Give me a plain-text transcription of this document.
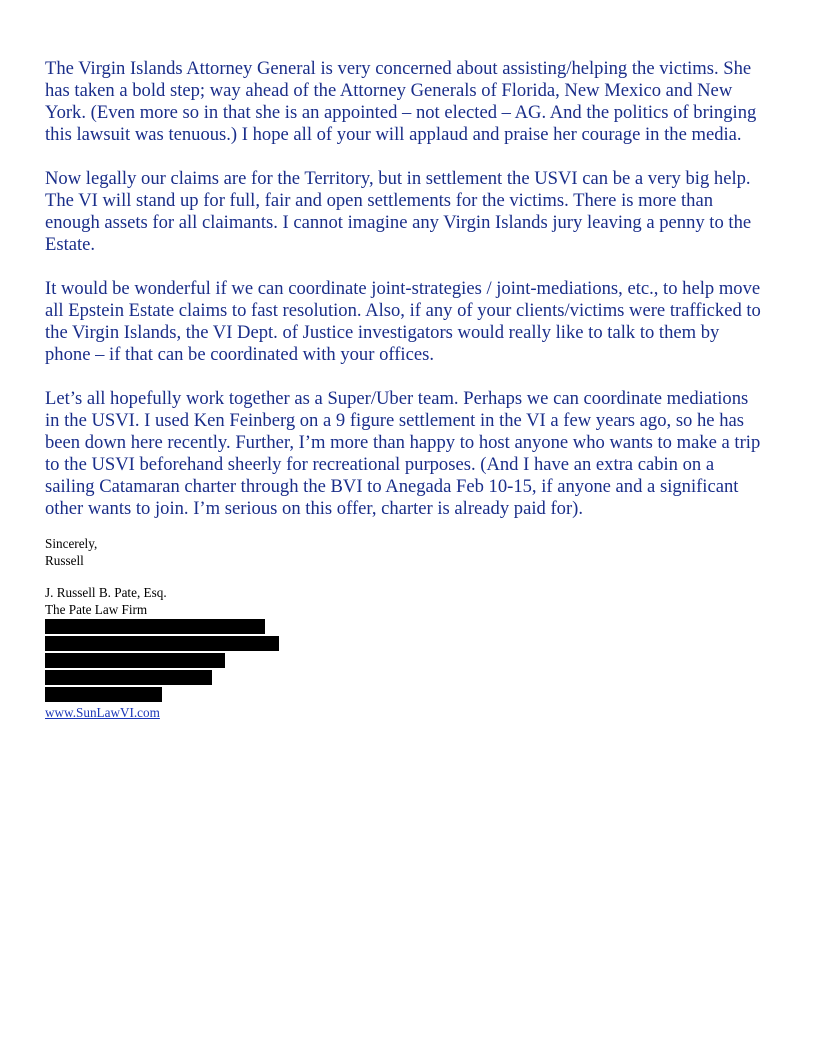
The Virgin Islands Attorney General is very concerned about assisting/helping the victims. She
has taken a bold step; way ahead of the Attorney Generals of Florida, New Mexico and New
York. (Even more so in that she is an appointed – not elected – AG. And the politics of bringing
this lawsuit was tenuous.) I hope all of your will applaud and praise her courage in the media.

Now legally our claims are for the Territory, but in settlement the USVI can be a very big help.
The VI will stand up for full, fair and open settlements for the victims. There is more than
enough assets for all claimants. I cannot imagine any Virgin Islands jury leaving a penny to the
Estate.

It would be wonderful if we can coordinate joint-strategies / joint-mediations, etc., to help move
all Epstein Estate claims to fast resolution. Also, if any of your clients/victims were trafficked to
the Virgin Islands, the VI Dept. of Justice investigators would really like to talk to them by
phone – if that can be coordinated with your offices.

Let’s all hopefully work together as a Super/Uber team. Perhaps we can coordinate mediations
in the USVI. I used Ken Feinberg on a 9 figure settlement in the VI a few years ago, so he has
been down here recently. Further, I’m more than happy to host anyone who wants to make a trip
to the USVI beforehand sheerly for recreational purposes. (And I have an extra cabin on a
sailing Catamaran charter through the BVI to Anegada Feb 10-15, if anyone and a significant
other wants to join. I’m serious on this offer, charter is already paid for).

Sincerely,
Russell
J. Russell B. Pate, Esq.
The Pate Law Firm
www.SunLawVI.com
